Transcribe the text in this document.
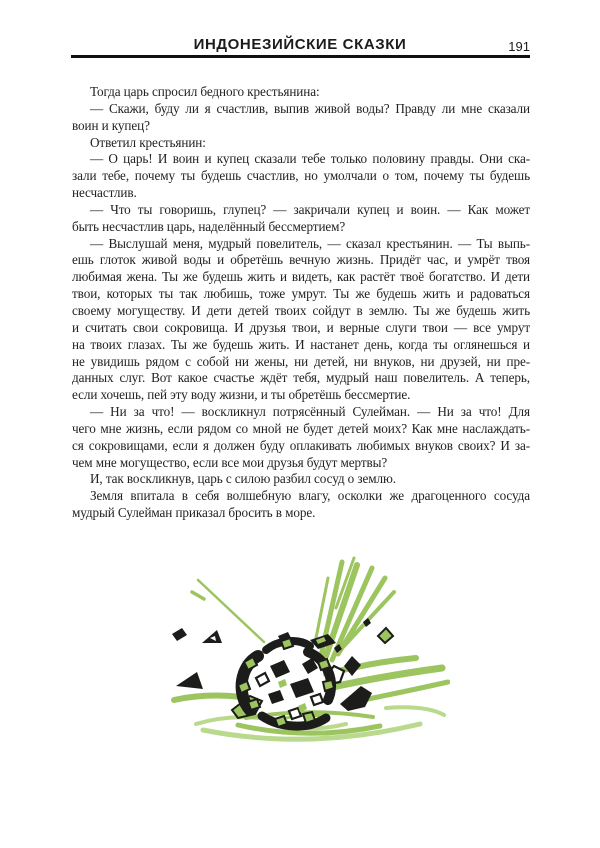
ИНДОНЕЗИЙСКИЕ СКАЗКИ	191
Тогда царь спросил бедного крестьянина:
— Скажи, буду ли я счастлив, выпив живой воды? Правду ли мне сказали
воин и купец?
Ответил крестьянин:
— О царь! И воин и купец сказали тебе только половину правды. Они ска-
зали тебе, почему ты будешь счастлив, но умолчали о том, почему ты будешь
несчастлив.
— Что ты говоришь, глупец? — закричали купец и воин. — Как может
быть несчастлив царь, наделённый бессмертием?
— Выслушай меня, мудрый повелитель, — сказал крестьянин. — Ты выпь-
ешь глоток живой воды и обретёшь вечную жизнь. Придёт час, и умрёт твоя
любимая жена. Ты же будешь жить и видеть, как растёт твоё богатство. И дети
твои, которых ты так любишь, тоже умрут. Ты же будешь жить и радоваться
своему могуществу. И дети детей твоих сойдут в землю. Ты же будешь жить
и считать свои сокровища. И друзья твои, и верные слуги твои — все умрут
на твоих глазах. Ты же будешь жить. И настанет день, когда ты оглянешься и
не увидишь рядом с собой ни жены, ни детей, ни внуков, ни друзей, ни пре-
данных слуг. Вот какое счастье ждёт тебя, мудрый наш повелитель. А теперь,
если хочешь, пей эту воду жизни, и ты обретёшь бессмертие.
— Ни за что! — воскликнул потрясённый Сулейман. — Ни за что! Для
чего мне жизнь, если рядом со мной не будет детей моих? Как мне наслаждать-
ся сокровищами, если я должен буду оплакивать любимых внуков своих? И за-
чем мне могущество, если все мои друзья будут мертвы?
И, так воскликнув, царь с силою разбил сосуд о землю.
Земля впитала в себя волшебную влагу, осколки же драгоценного сосуда
мудрый Сулейман приказал бросить в море.
